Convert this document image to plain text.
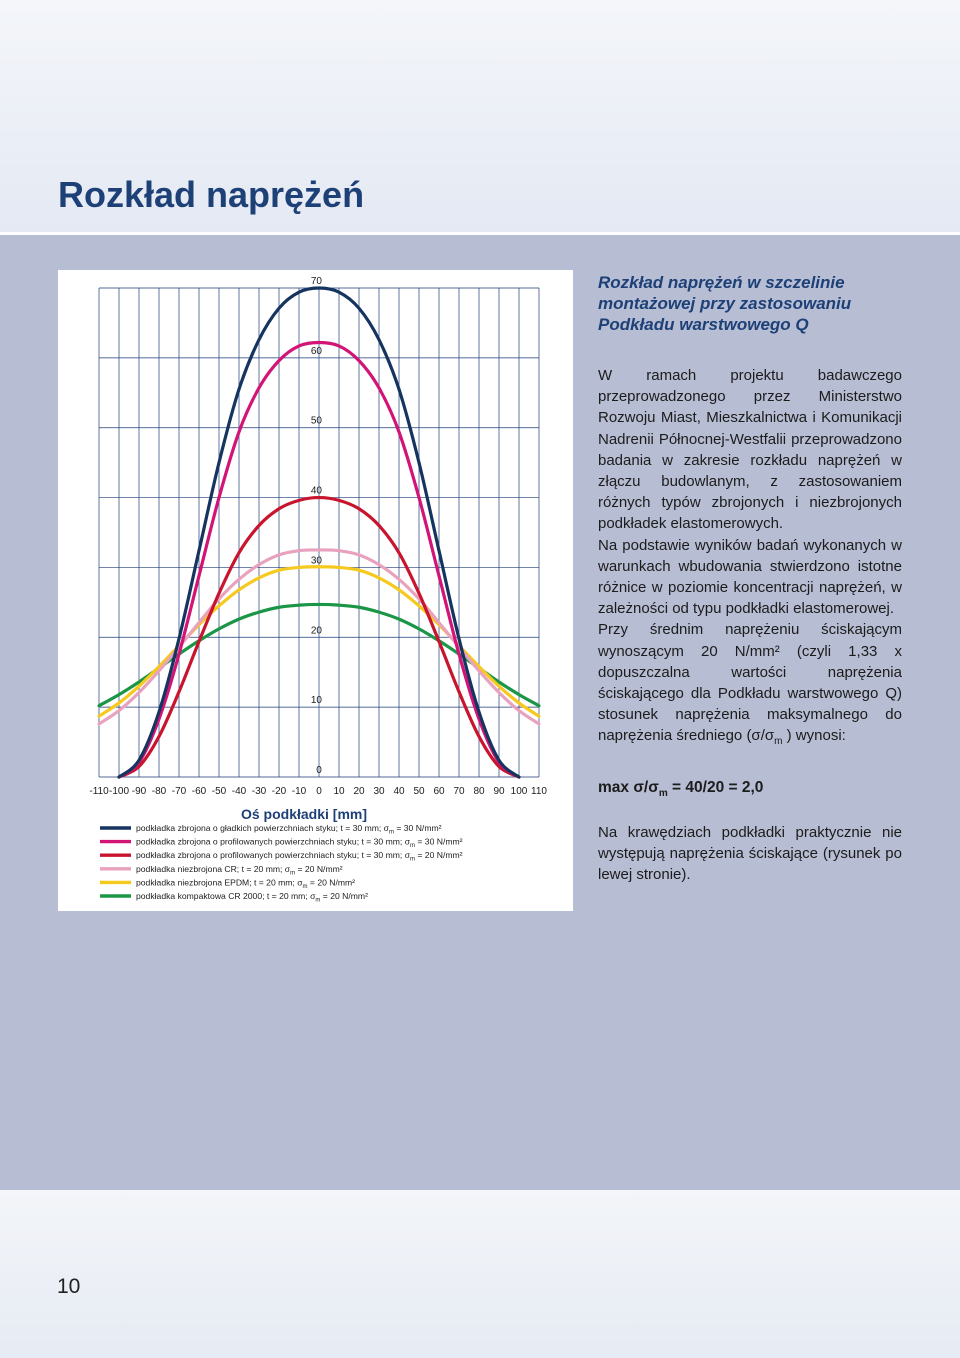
Rozkład naprężeń
10
0
10
20
30
40
50
60
70
-110 -100 -90 -80 -70 -60 -50 -40 -30 -20 -10 0 10 20 30 40 50 60 70 80 90 100 110
Oś podkładki [mm]
podkładka zbrojona o gładkich powierzchniach styku; t = 30 mm; $\sigma_m = 30$ N/mm²
podkładka zbrojona o profilowanych powierzchniach styku; t = 30 mm; $\sigma_m = 30$ N/mm²
podkładka zbrojona o profilowanych powierzchniach styku; t = 30 mm; $\sigma_m = 20$ N/mm²
podkładka niezbrojona CR; t = 20 mm; $\sigma_m = 20$ N/mm²
podkładka niezbrojona EPDM; t = 20 mm; $\sigma_m = 20$ N/mm²
podkładka kompaktowa CR 2000; t = 20 mm; $\sigma_m = 20$ N/mm²
Rozkład naprężeń w szczelinie montażowej przy zastosowaniu Podkładu warstwowego Q

W ramach projektu badawczego przeprowadzonego przez Ministerstwo Rozwoju Miast, Mieszkalnictwa i Komunikacji Nadrenii Północnej-Westfalii przeprowadzono badania w zakresie rozkładu naprężeń w złączu budowlanym, z zastosowaniem różnych typów zbrojonych i niezbrojonych podkładek elastomerowych.

Na podstawie wyników badań wykonanych w warunkach wbudowania stwierdzono istotne różnice w poziomie koncentracji naprężeń, w zależności od typu podkładki elastomerowej.

Przy średnim naprężeniu ściskającym wynoszącym 20 N/mm² (czyli 1,33 x dopuszczalna wartości naprężenia ściskającego dla Podkładu warstwowego Q) stosunek naprężenia maksymalnego do naprężenia średniego ($\sigma/\sigma_m$ ) wynosi:

$\max \sigma/\sigma_m = 40/20 = 2,0$

Na krawędziach podkładki praktycznie nie występują naprężenia ściskające (rysunek po lewej stronie).
